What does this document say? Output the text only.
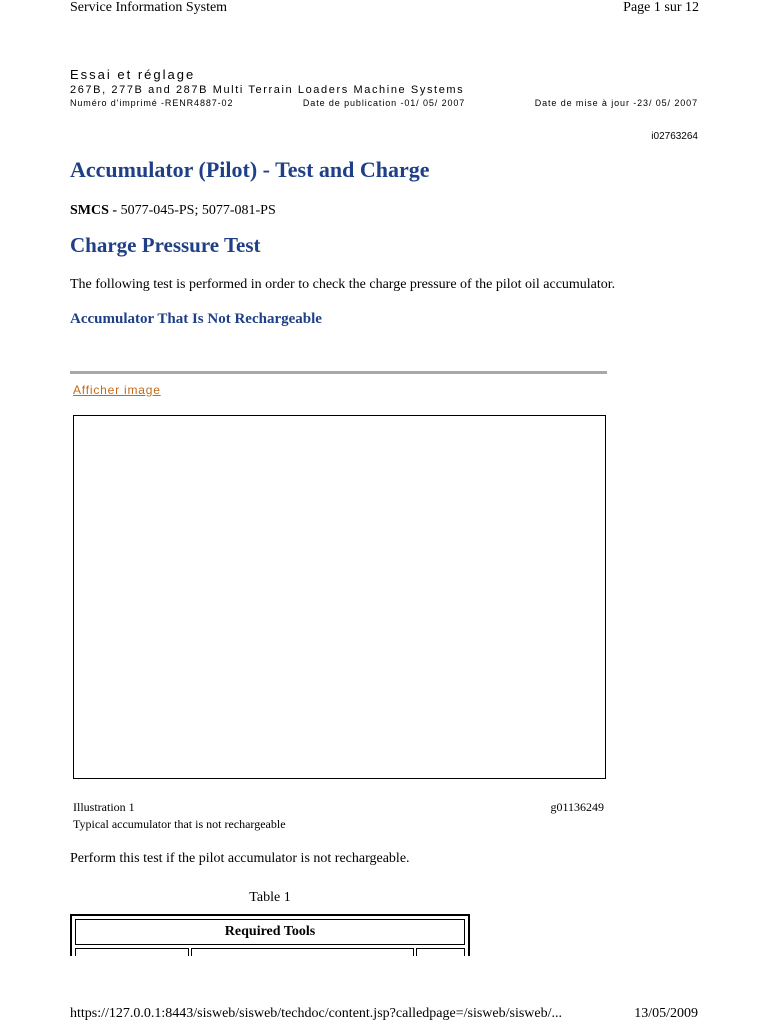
Service Information System	Page 1 sur 12
Essai et réglage
267B, 277B and 287B Multi Terrain Loaders Machine Systems
Numéro d'imprimé -RENR4887-02	Date de publication -01/ 05/ 2007	Date de mise à jour -23/ 05/ 2007
i02763264
Accumulator (Pilot) - Test and Charge
SMCS - 5077-045-PS; 5077-081-PS
Charge Pressure Test
The following test is performed in order to check the charge pressure of the pilot oil accumulator.
Accumulator That Is Not Rechargeable
Afficher image
Illustration 1	g01136249
Typical accumulator that is not rechargeable
Perform this test if the pilot accumulator is not rechargeable.
Table 1
Required Tools
https://127.0.0.1:8443/sisweb/sisweb/techdoc/content.jsp?calledpage=/sisweb/sisweb/...	13/05/2009
